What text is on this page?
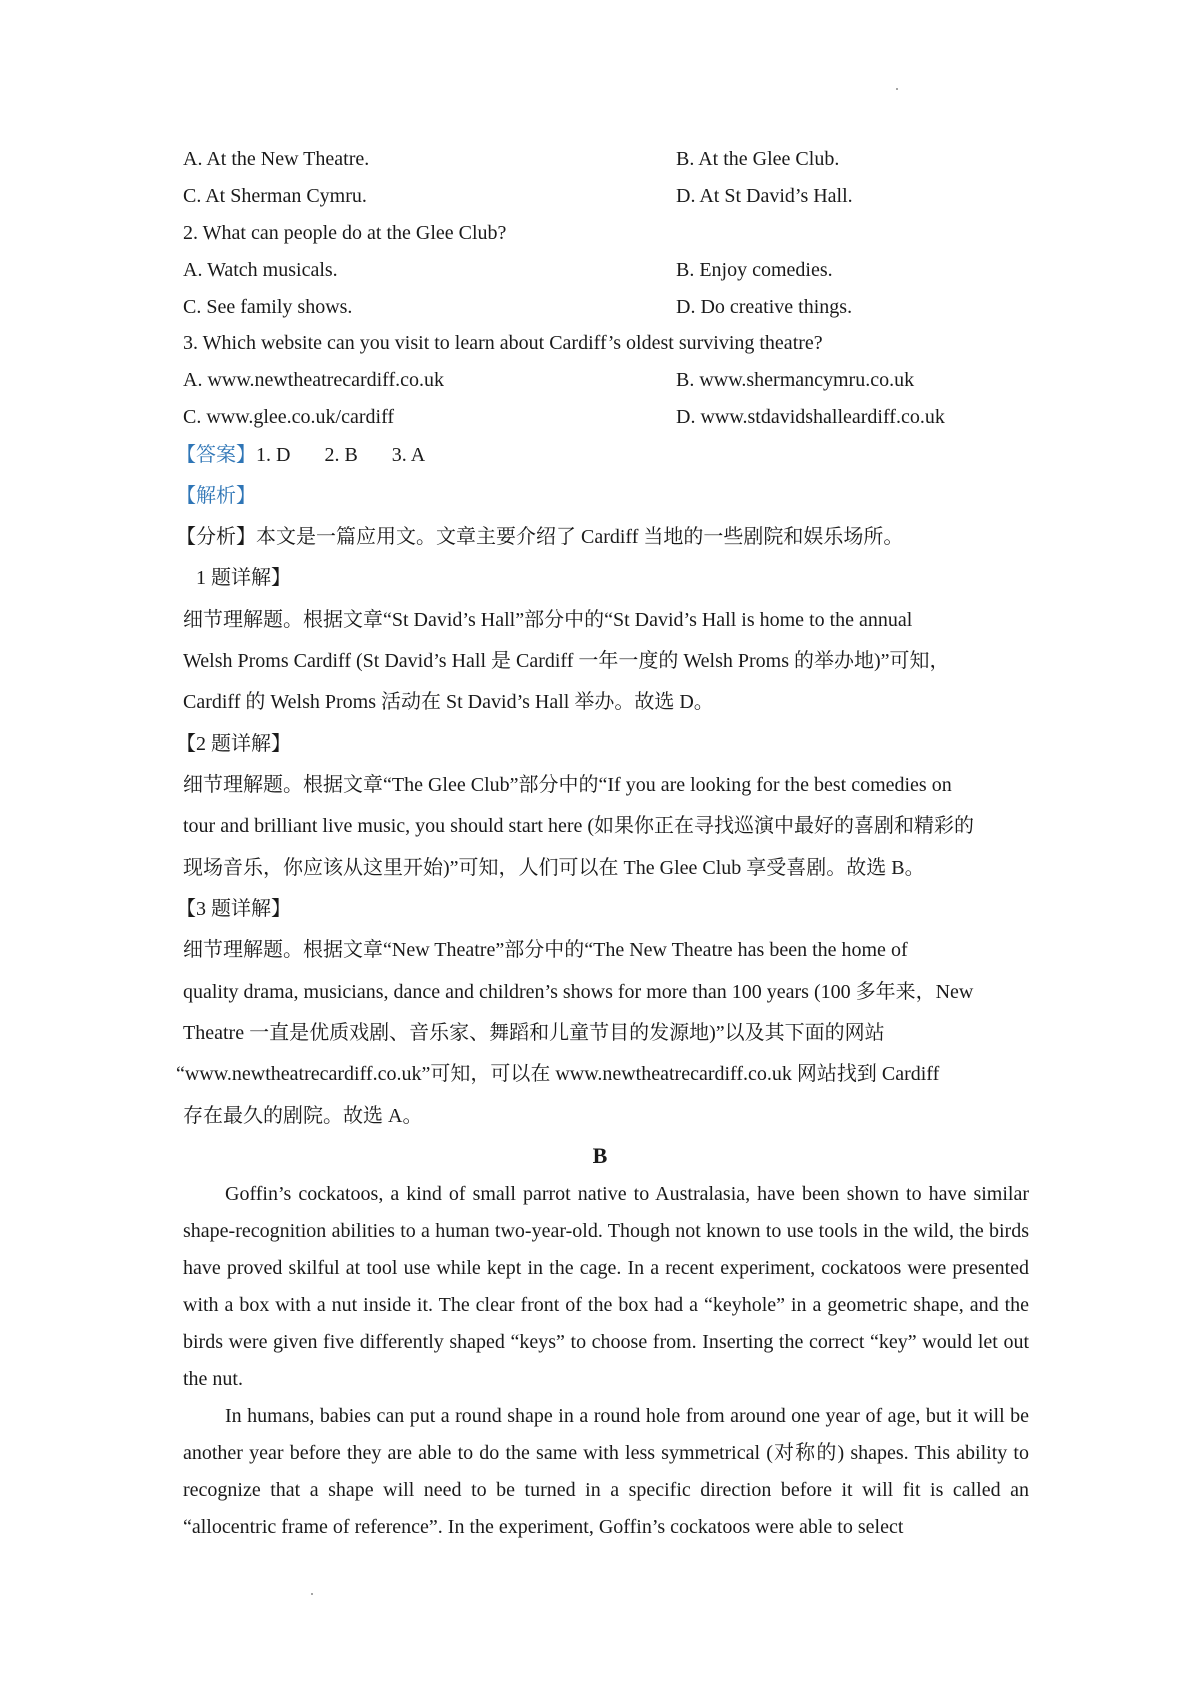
A. At the New Theatre.	B. At the Glee Club.
C. At Sherman Cymru.	D. At St David’s Hall.
2. What can people do at the Glee Club?
A. Watch musicals.	B. Enjoy comedies.
C. See family shows.	D. Do creative things.
3. Which website can you visit to learn about Cardiff’s oldest surviving theatre?
A. www.newtheatrecardiff.co.uk	B. www.shermancymru.co.uk
C. www.glee.co.uk/cardiff	D. www.stdavidshalleardiff.co.uk
【答案】1. D 2. B 3. A
【解析】
【分析】本文是一篇应用文。文章主要介绍了 Cardiff 当地的一些剧院和娱乐场所。
1 题详解】
细节理解题。根据文章“St David’s Hall”部分中的“St David’s Hall is home to the annual
Welsh Proms Cardiff (St David’s Hall 是 Cardiff 一年一度的 Welsh Proms 的举办地)”可知，
Cardiff 的 Welsh Proms 活动在 St David’s Hall 举办。故选 D。
【2 题详解】
细节理解题。根据文章“The Glee Club”部分中的“If you are looking for the best comedies on
tour and brilliant live music, you should start here (如果你正在寻找巡演中最好的喜剧和精彩的
现场音乐，你应该从这里开始)”可知，人们可以在 The Glee Club 享受喜剧。故选 B。
【3 题详解】
细节理解题。根据文章“New Theatre”部分中的“The New Theatre has been the home of
quality drama, musicians, dance and children’s shows for more than 100 years (100 多年来，New
Theatre 一直是优质戏剧、音乐家、舞蹈和儿童节目的发源地)”以及其下面的网站
“www.newtheatrecardiff.co.uk”可知，可以在 www.newtheatrecardiff.co.uk 网站找到 Cardiff
存在最久的剧院。故选 A。
B

Goffin’s cockatoos, a kind of small parrot native to Australasia, have been shown to have similar shape-recognition abilities to a human two-year-old. Though not known to use tools in the wild, the birds have proved skilful at tool use while kept in the cage. In a recent experiment, cockatoos were presented with a box with a nut inside it. The clear front of the box had a “keyhole” in a geometric shape, and the birds were given five differently shaped “keys” to choose from. Inserting the correct “key” would let out the nut.

In humans, babies can put a round shape in a round hole from around one year of age, but it will be another year before they are able to do the same with less symmetrical (对称的) shapes. This ability to recognize that a shape will need to be turned in a specific direction before it will fit is called an “allocentric frame of reference”. In the experiment, Goffin’s cockatoos were able to select
